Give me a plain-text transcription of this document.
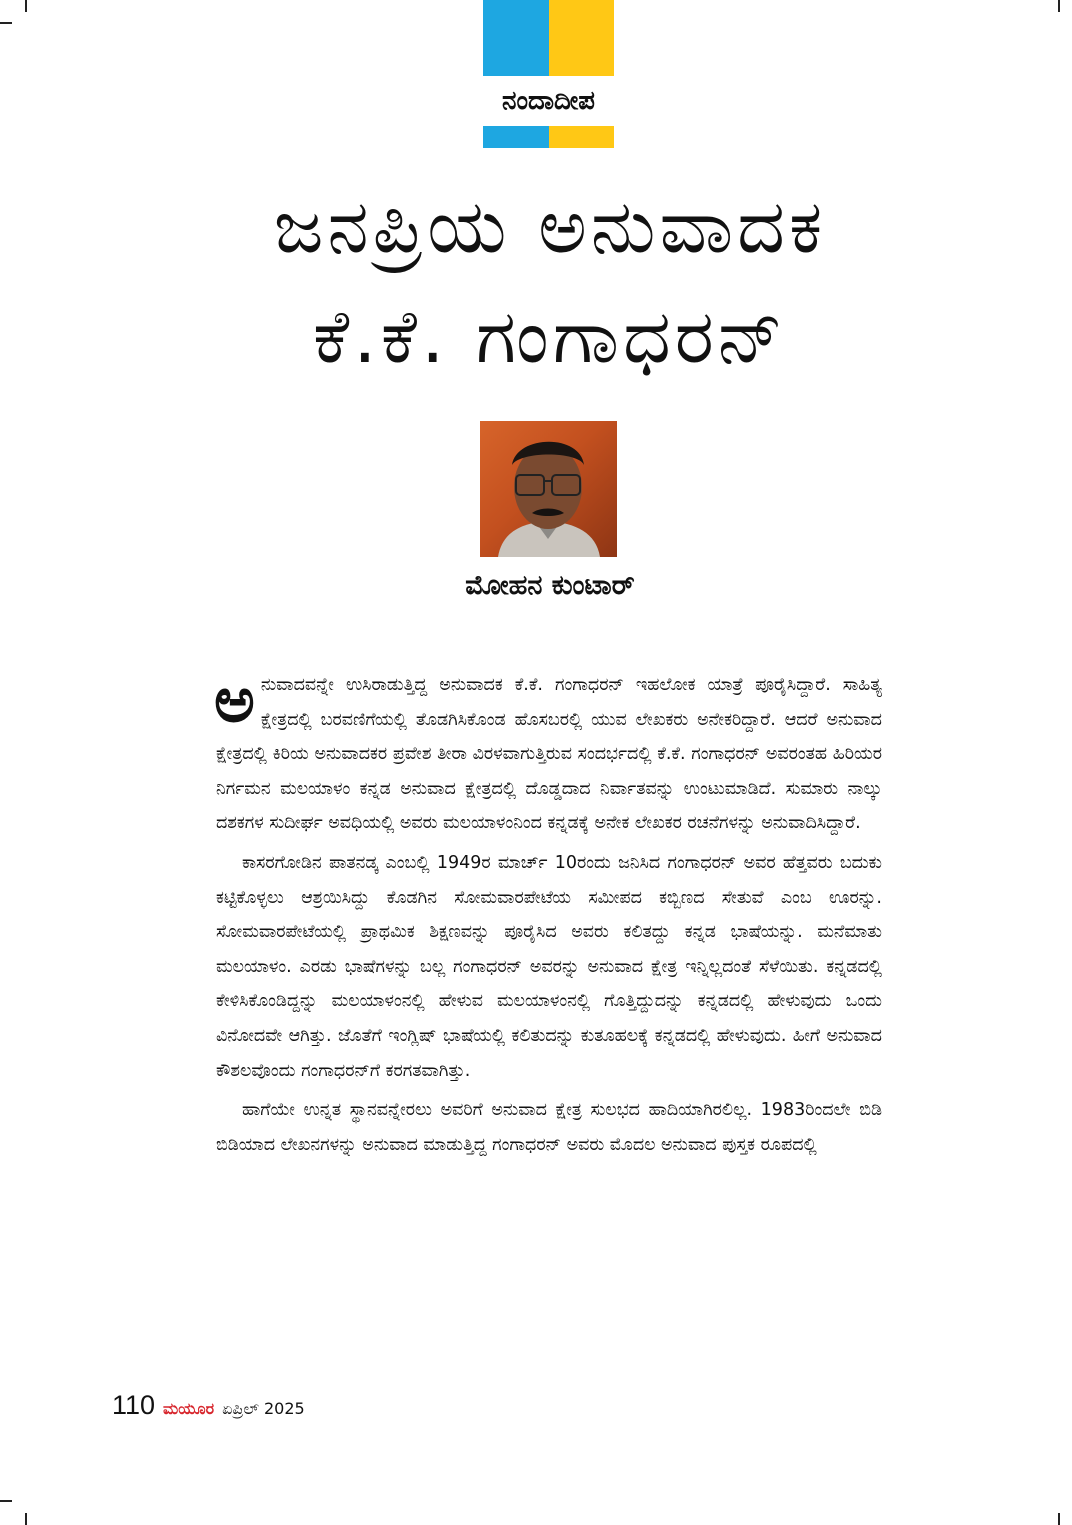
ನಂದಾದೀಪ
ಜನಪ್ರಿಯ ಅನುವಾದಕ
ಕೆ.ಕೆ. ಗಂಗಾಧರನ್
ಮೋಹನ ಕುಂಟಾರ್

ಅನುವಾದವನ್ನೇ ಉಸಿರಾಡುತ್ತಿದ್ದ ಅನುವಾದಕ ಕೆ.ಕೆ. ಗಂಗಾಧರನ್ ಇಹಲೋಕ ಯಾತ್ರೆ ಪೂರೈಸಿದ್ದಾರೆ. ಸಾಹಿತ್ಯ ಕ್ಷೇತ್ರದಲ್ಲಿ ಬರವಣಿಗೆಯಲ್ಲಿ ತೊಡಗಿಸಿಕೊಂಡ ಹೊಸಬರಲ್ಲಿ ಯುವ ಲೇಖಕರು ಅನೇಕರಿದ್ದಾರೆ. ಆದರೆ ಅನುವಾದ ಕ್ಷೇತ್ರದಲ್ಲಿ ಕಿರಿಯ ಅನುವಾದಕರ ಪ್ರವೇಶ ತೀರಾ ವಿರಳವಾಗುತ್ತಿರುವ ಸಂದರ್ಭದಲ್ಲಿ ಕೆ.ಕೆ. ಗಂಗಾಧರನ್ ಅವರಂತಹ ಹಿರಿಯರ ನಿರ್ಗಮನ ಮಲಯಾಳಂ ಕನ್ನಡ ಅನುವಾದ ಕ್ಷೇತ್ರದಲ್ಲಿ ದೊಡ್ಡದಾದ ನಿರ್ವಾತವನ್ನು ಉಂಟುಮಾಡಿದೆ. ಸುಮಾರು ನಾಲ್ಕು ದಶಕಗಳ ಸುದೀರ್ಘ ಅವಧಿಯಲ್ಲಿ ಅವರು ಮಲಯಾಳಂನಿಂದ ಕನ್ನಡಕ್ಕೆ ಅನೇಕ ಲೇಖಕರ ರಚನೆಗಳನ್ನು ಅನುವಾದಿಸಿದ್ದಾರೆ.

ಕಾಸರಗೋಡಿನ ಪಾತನಡ್ಕ ಎಂಬಲ್ಲಿ 1949ರ ಮಾರ್ಚ್ 10ರಂದು ಜನಿಸಿದ ಗಂಗಾಧರನ್ ಅವರ ಹೆತ್ತವರು ಬದುಕು ಕಟ್ಟಿಕೊಳ್ಳಲು ಆಶ್ರಯಿಸಿದ್ದು ಕೊಡಗಿನ ಸೋಮವಾರಪೇಟೆಯ ಸಮೀಪದ ಕಬ್ಬಿಣದ ಸೇತುವೆ ಎಂಬ ಊರನ್ನು. ಸೋಮವಾರಪೇಟೆಯಲ್ಲಿ ಪ್ರಾಥಮಿಕ ಶಿಕ್ಷಣವನ್ನು ಪೂರೈಸಿದ ಅವರು ಕಲಿತದ್ದು ಕನ್ನಡ ಭಾಷೆಯನ್ನು. ಮನೆಮಾತು ಮಲಯಾಳಂ. ಎರಡು ಭಾಷೆಗಳನ್ನು ಬಲ್ಲ ಗಂಗಾಧರನ್ ಅವರನ್ನು ಅನುವಾದ ಕ್ಷೇತ್ರ ಇನ್ನಿಲ್ಲದಂತೆ ಸೆಳೆಯಿತು. ಕನ್ನಡದಲ್ಲಿ ಕೇಳಿಸಿಕೊಂಡಿದ್ದನ್ನು ಮಲಯಾಳಂನಲ್ಲಿ ಹೇಳುವ ಮಲಯಾಳಂನಲ್ಲಿ ಗೊತ್ತಿದ್ದುದನ್ನು ಕನ್ನಡದಲ್ಲಿ ಹೇಳುವುದು ಒಂದು ವಿನೋದವೇ ಆಗಿತ್ತು. ಜೊತೆಗೆ ಇಂಗ್ಲಿಷ್ ಭಾಷೆಯಲ್ಲಿ ಕಲಿತುದನ್ನು ಕುತೂಹಲಕ್ಕೆ ಕನ್ನಡದಲ್ಲಿ ಹೇಳುವುದು. ಹೀಗೆ ಅನುವಾದ ಕೌಶಲವೊಂದು ಗಂಗಾಧರನ್‌ಗೆ ಕರಗತವಾಗಿತ್ತು.

ಹಾಗೆಯೇ ಉನ್ನತ ಸ್ಥಾನವನ್ನೇರಲು ಅವರಿಗೆ ಅನುವಾದ ಕ್ಷೇತ್ರ ಸುಲಭದ ಹಾದಿಯಾಗಿರಲಿಲ್ಲ. 1983ರಿಂದಲೇ ಬಿಡಿ ಬಿಡಿಯಾದ ಲೇಖನಗಳನ್ನು ಅನುವಾದ ಮಾಡುತ್ತಿದ್ದ ಗಂಗಾಧರನ್ ಅವರು ಮೊದಲ ಅನುವಾದ ಪುಸ್ತಕ ರೂಪದಲ್ಲಿ

110 ಮಯೂರ ಏಪ್ರಿಲ್ 2025
